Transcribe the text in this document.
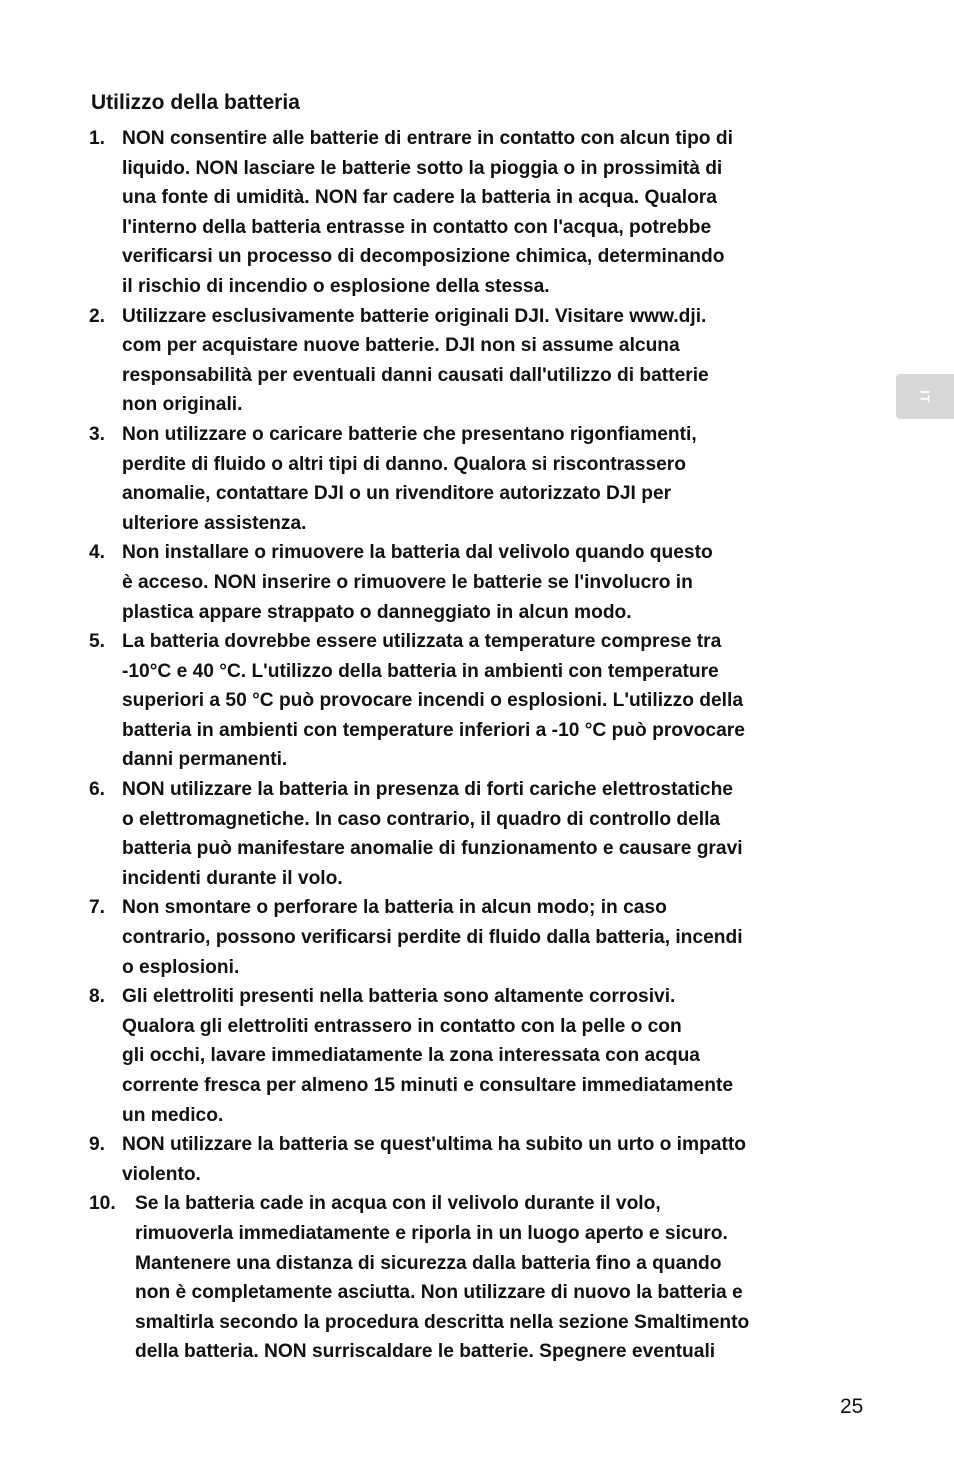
Utilizzo della batteria
1. NON consentire alle batterie di entrare in contatto con alcun tipo di
liquido. NON lasciare le batterie sotto la pioggia o in prossimità di
una fonte di umidità. NON far cadere la batteria in acqua. Qualora
l'interno della batteria entrasse in contatto con l'acqua, potrebbe
verificarsi un processo di decomposizione chimica, determinando
il rischio di incendio o esplosione della stessa.
2. Utilizzare esclusivamente batterie originali DJI. Visitare www.dji.
com per acquistare nuove batterie. DJI non si assume alcuna
responsabilità per eventuali danni causati dall'utilizzo di batterie
non originali.
3. Non utilizzare o caricare batterie che presentano rigonfiamenti,
perdite di fluido o altri tipi di danno. Qualora si riscontrassero
anomalie, contattare DJI o un rivenditore autorizzato DJI per
ulteriore assistenza.
4. Non installare o rimuovere la batteria dal velivolo quando questo
è acceso. NON inserire o rimuovere le batterie se l'involucro in
plastica appare strappato o danneggiato in alcun modo.
5. La batteria dovrebbe essere utilizzata a temperature comprese tra
-10°C e 40 °C. L'utilizzo della batteria in ambienti con temperature
superiori a 50 °C può provocare incendi o esplosioni. L'utilizzo della
batteria in ambienti con temperature inferiori a -10 °C può provocare
danni permanenti.
6. NON utilizzare la batteria in presenza di forti cariche elettrostatiche
o elettromagnetiche. In caso contrario, il quadro di controllo della
batteria può manifestare anomalie di funzionamento e causare gravi
incidenti durante il volo.
7. Non smontare o perforare la batteria in alcun modo; in caso
contrario, possono verificarsi perdite di fluido dalla batteria, incendi
o esplosioni.
8. Gli elettroliti presenti nella batteria sono altamente corrosivi.
Qualora gli elettroliti entrassero in contatto con la pelle o con
gli occhi, lavare immediatamente la zona interessata con acqua
corrente fresca per almeno 15 minuti e consultare immediatamente
un medico.
9. NON utilizzare la batteria se quest'ultima ha subito un urto o impatto
violento.
10. Se la batteria cade in acqua con il velivolo durante il volo,
rimuoverla immediatamente e riporla in un luogo aperto e sicuro.
Mantenere una distanza di sicurezza dalla batteria fino a quando
non è completamente asciutta. Non utilizzare di nuovo la batteria e
smaltirla secondo la procedura descritta nella sezione Smaltimento
della batteria. NON surriscaldare le batterie. Spegnere eventuali
IT
25
